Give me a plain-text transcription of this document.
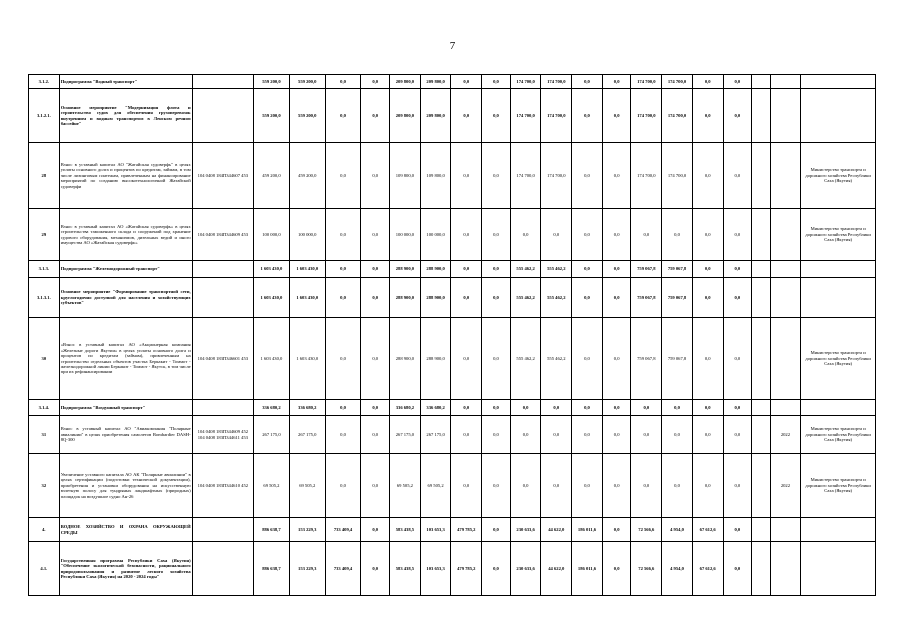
7
3.1.2.	Подпрограмма "Водный транспорт"		559 200,0	559 200,0	0,0	0,0	209 800,0	209 800,0	0,0	0,0	174 700,0	174 700,0	0,0	0,0	174 700,0	174 700,0	0,0	0,0			
3.1.2.1.	Основное мероприятие "Модернизация флота и строительство судов для обеспечения грузоперевозок внутренним и водным транспортом в Ленском речном бассейне"		559 200,0	559 200,0	0,0	0,0	209 800,0	209 800,0	0,0	0,0	174 700,0	174 700,0	0,0	0,0	174 700,0	174 700,0	0,0	0,0			
28	Взнос в уставный капитал АО "Жатайская судоверфь" в целях уплаты основного долга и процентов по кредитам, займам, в том числе лизинговым платежам, привлеченным на финансирование мероприятий по созданию высокотехнологичной Жатайской судоверфи	104 0408 184П344607 453	459 200,0	459 200,0	0,0	0,0	109 800,0	109 800,0	0,0	0,0	174 700,0	174 700,0	0,0	0,0	174 700,0	174 700,0	0,0	0,0			Министерство транспорта и дорожного хозяйства Республики Саха (Якутия)
29	Взнос в уставный капитал АО «Жатайская судоверфь» в целях строительства таможенного склада и сооружений под хранение судового оборудования, механизмов, дизельных ведий и иного имущества АО «Жатайская судоверфь»	104 0408 184П344609 453	100 000,0	100 000,0	0,0	0,0	100 000,0	100 000,0	0,0	0,0	0,0	0,0	0,0	0,0	0,0	0,0	0,0	0,0			Министерство транспорта и дорожного хозяйства Республики Саха (Якутия)
3.1.3.	Подпрограмма "Железнодорожный транспорт"		1 603 430,0	1 603 430,0	0,0	0,0	288 900,0	288 900,0	0,0	0,0	555 462,2	555 462,2	0,0	0,0	759 067,8	759 067,8	0,0	0,0			
3.1.3.1.	Основное мероприятие "Формирование транспортной сети, круглогодично доступной для населения и хозяйствующих субъектов"		1 603 430,0	1 603 430,0	0,0	0,0	288 900,0	288 900,0	0,0	0,0	555 462,2	555 462,2	0,0	0,0	759 067,8	759 067,8	0,0	0,0			
30	«Взнос в уставный капитал АО «Акционерная компания «Железные дороги Якутии» в целях уплаты основного долга и процентов по кредитам (займам), привлеченным на строительство отдельных объектов участка Беркакит - Томмот - железнодорожной линии Беркакит - Томмот - Якутск, в том числе при их рефинансировании	104 0408 183П346601 453	1 603 430,0	1 603 430,0	0,0	0,0	288 900,0	288 900,0	0,0	0,0	555 462,2	555 462,2	0,0	0,0	759 067,8	759 067,8	0,0	0,0			Министерство транспорта и дорожного хозяйства Республики Саха (Якутия)
3.1.4.	Подпрограмма "Воздушный транспорт"		336 680,2	336 680,2	0,0	0,0	336 680,2	336 680,2	0,0	0,0	0,0	0,0	0,0	0,0	0,0	0,0	0,0	0,0			
31	Взнос в уставный капитал АО "Авиакомпания "Полярные авиалинии" в целях приобретения самолетов Bombardier DASH-8Q-300	104 0408 183П344609 452 104 0408 183П344611 453	267 175,0	267 175,0	0,0	0,0	267 175,0	267 175,0	0,0	0,0	0,0	0,0	0,0	0,0	0,0	0,0	0,0	0,0		2022	Министерство транспорта и дорожного хозяйства Республики Саха (Якутия)
32	Увеличение уставного капитала АО АК "Полярные авиалинии" в целях сертификации (подготовки технической документации), приобретения и установки оборудования на искусственную взлетную полосу для тундряных ландшафтных (природных) площадок на воздушное судно Ан-26	104 0408 183П344610 452	69 505,2	69 505,2	0,0	0,0	69 505,2	69 505,2	0,0	0,0	0,0	0,0	0,0	0,0	0,0	0,0	0,0	0,0		2022	Министерство транспорта и дорожного хозяйства Республики Саха (Якутия)
4.	ВОДНОЕ ХОЗЯЙСТВО И ОХРАНА ОКРУЖАЮЩЕЙ СРЕДЫ		886 638,7	153 229,3	733 409,4	0,0	583 438,5	103 653,3	479 785,2	0,0	230 633,6	44 622,0	186 011,6	0,0	72 566,6	4 954,0	67 612,6	0,0			
4.1.	Государственная программа Республики Саха (Якутия) "Обеспечение экологической безопасности, рационального природопользования и развитие лесного хозяйства Республики Саха (Якутия) на 2020 - 2024 годы"		886 638,7	153 229,3	733 409,4	0,0	583 438,5	103 653,3	479 785,2	0,0	230 633,6	44 622,0	186 011,6	0,0	72 566,6	4 954,0	67 612,6	0,0			
